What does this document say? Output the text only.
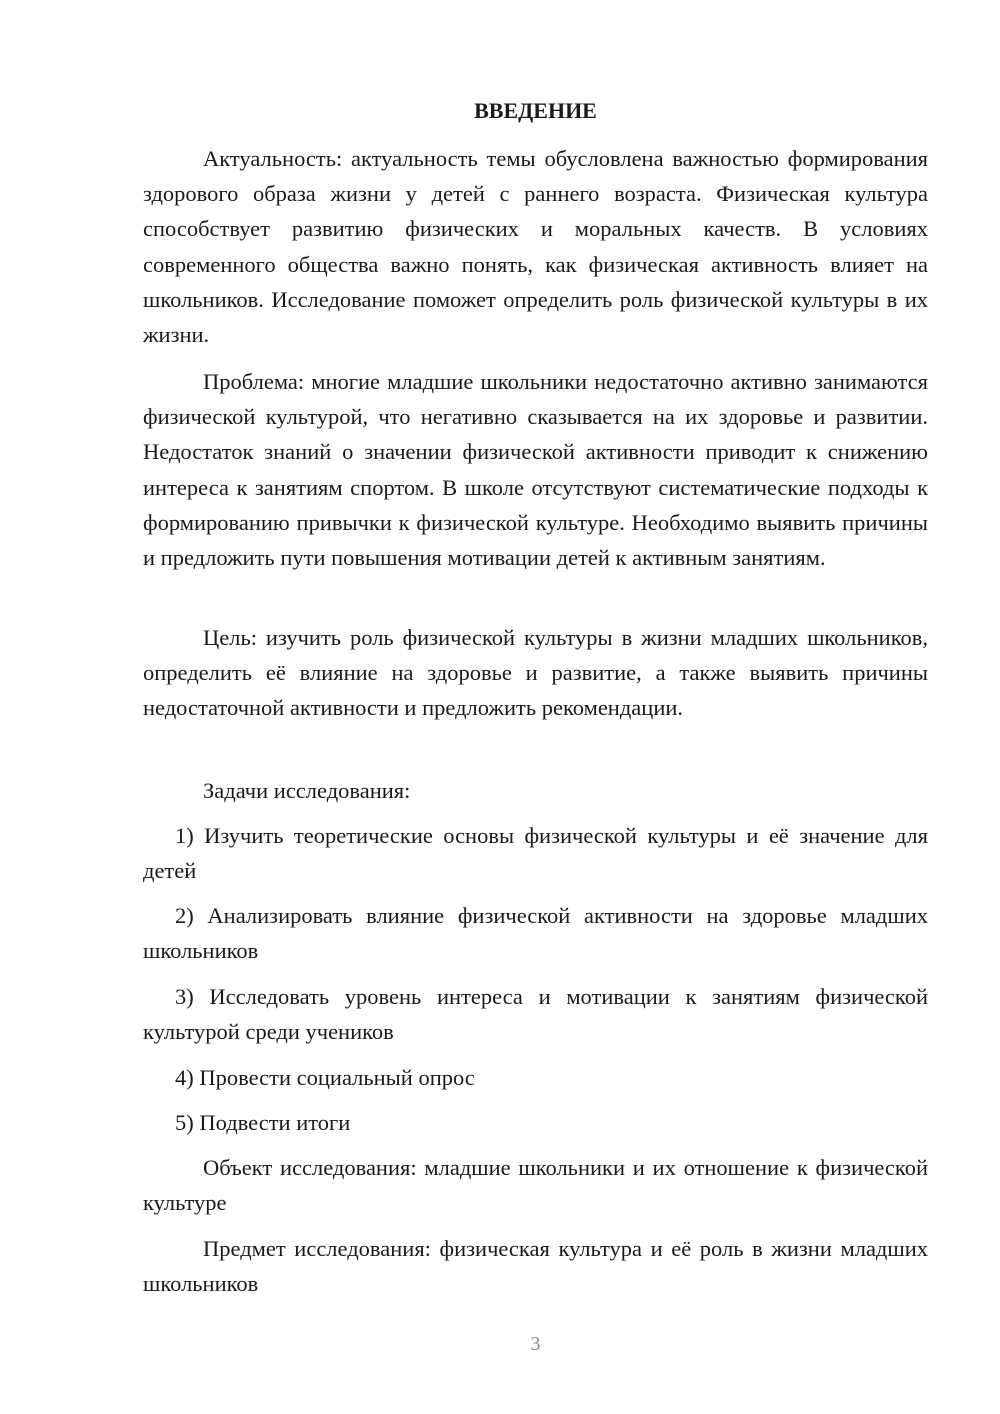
ВВЕДЕНИЕ

Актуальность: актуальность темы обусловлена важностью формирования здорового образа жизни у детей с раннего возраста. Физическая культура способствует развитию физических и моральных качеств. В условиях современного общества важно понять, как физическая активность влияет на школьников. Исследование поможет определить роль физической культуры в их жизни.

Проблема: многие младшие школьники недостаточно активно занимаются физической культурой, что негативно сказывается на их здоровье и развитии. Недостаток знаний о значении физической активности приводит к снижению интереса к занятиям спортом. В школе отсутствуют систематические подходы к формированию привычки к физической культуре. Необходимо выявить причины и предложить пути повышения мотивации детей к активным занятиям.

Цель: изучить роль физической культуры в жизни младших школьников, определить её влияние на здоровье и развитие, а также выявить причины недостаточной активности и предложить рекомендации.

Задачи исследования:

1) Изучить теоретические основы физической культуры и её значение для детей

2) Анализировать влияние физической активности на здоровье младших школьников

3) Исследовать уровень интереса и мотивации к занятиям физической культурой среди учеников

4) Провести социальный опрос

5) Подвести итоги

Объект исследования: младшие школьники и их отношение к физической культуре

Предмет исследования: физическая культура и её роль в жизни младших школьников

3
